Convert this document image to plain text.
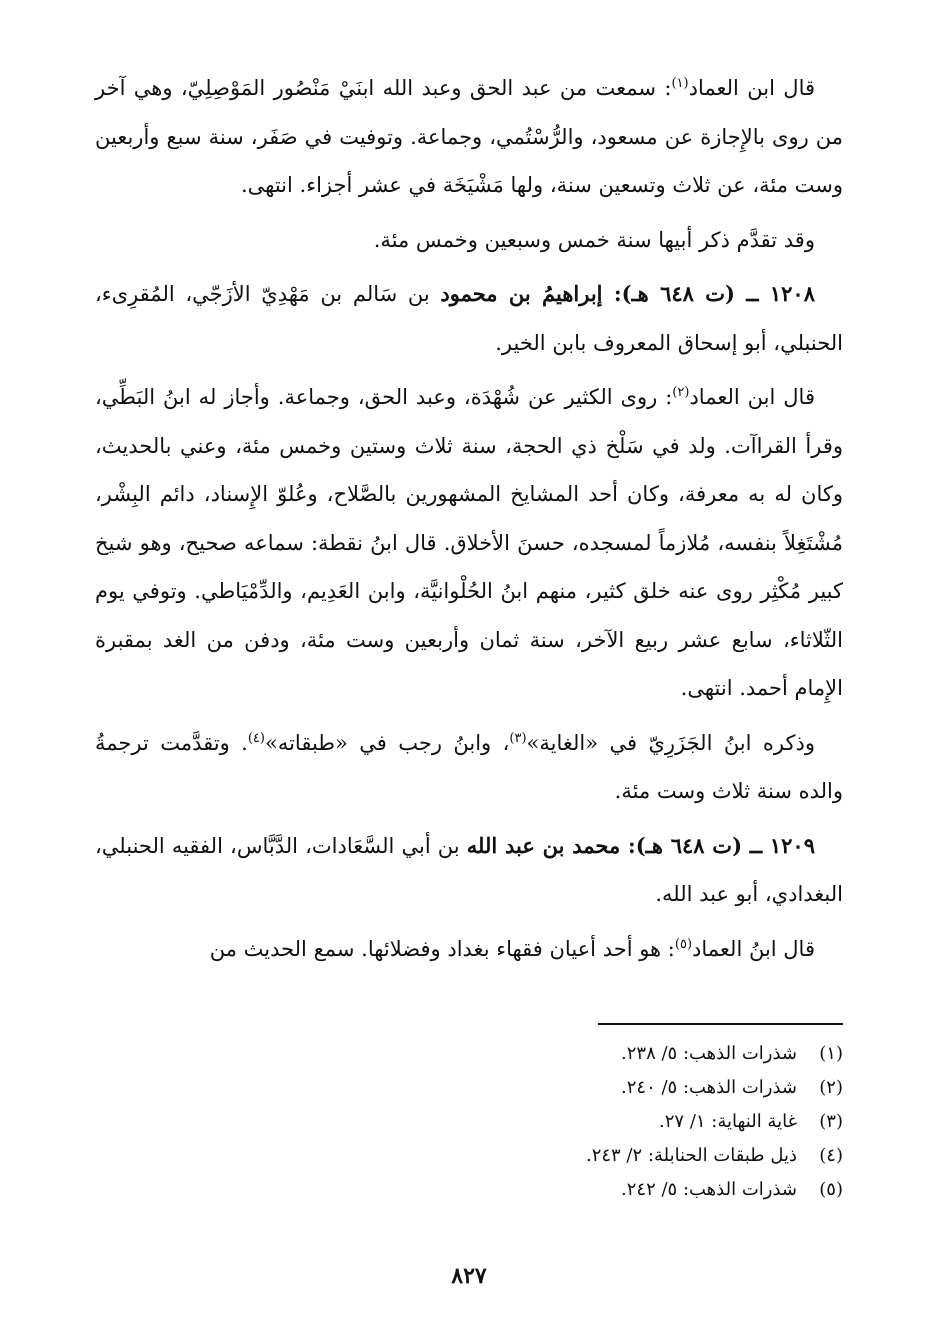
قال ابن العماد$^{(١)}$: سمعت من عبد الحق وعبد الله ابنَيْ مَنْصُور المَوْصِلِيّ، وهي آخر من روى بالإِجازة عن مسعود، والرُّسْتُمي، وجماعة. وتوفيت في صَفَر، سنة سبع وأربعين وست مئة، عن ثلاث وتسعين سنة، ولها مَشْيَخَة في عشر أجزاء. انتهى.

وقد تقدَّم ذكر أبيها سنة خمس وسبعين وخمس مئة.

١٢٠٨ ــ (ت ٦٤٨ هـ): إبراهيمُ بن محمود بن سَالم بن مَهْدِيّ الأزَجّي، المُقرِىء، الحنبلي، أبو إسحاق المعروف بابن الخير.

قال ابن العماد$^{(٢)}$: روى الكثير عن شُهْدَة، وعبد الحق، وجماعة. وأجاز له ابنُ البَطِّي، وقرأ القراآت. ولد في سَلْخ ذي الحجة، سنة ثلاث وستين وخمس مئة، وعني بالحديث، وكان له به معرفة، وكان أحد المشايخ المشهورين بالصَّلاح، وعُلوّ الإِسناد، دائم البِشْر، مُشْتَغِلاً بنفسه، مُلازماً لمسجده، حسنَ الأخلاق. قال ابنُ نقطة: سماعه صحيح، وهو شيخ كبير مُكْثِر روى عنه خلق كثير، منهم ابنُ الحُلْوانيَّة، وابن العَدِيم، والدِّمْيَاطي. وتوفي يوم الثّلاثاء، سابع عشر ربيع الآخر، سنة ثمان وأربعين وست مئة، ودفن من الغد بمقبرة الإِمام أحمد. انتهى.

وذكره ابنُ الجَزَرِيّ في «الغاية»$^{(٣)}$، وابنُ رجب في «طبقاته»$^{(٤)}$. وتقدَّمت ترجمةُ والده سنة ثلاث وست مئة.

١٢٠٩ ــ (ت ٦٤٨ هـ): محمد بن عبد الله بن أبي السَّعَادات، الدَّبَّاس، الفقيه الحنبلي، البغدادي، أبو عبد الله.

قال ابنُ العماد$^{(٥)}$: هو أحد أعيان فقهاء بغداد وفضلائها. سمع الحديث من

(١)شذرات الذهب: ٥/ ٢٣٨.
(٢)شذرات الذهب: ٥/ ٢٤٠.
(٣)غاية النهاية: ١/ ٢٧.
(٤)ذيل طبقات الحنابلة: ٢/ ٢٤٣.
(٥)شذرات الذهب: ٥/ ٢٤٢.
٨٢٧
